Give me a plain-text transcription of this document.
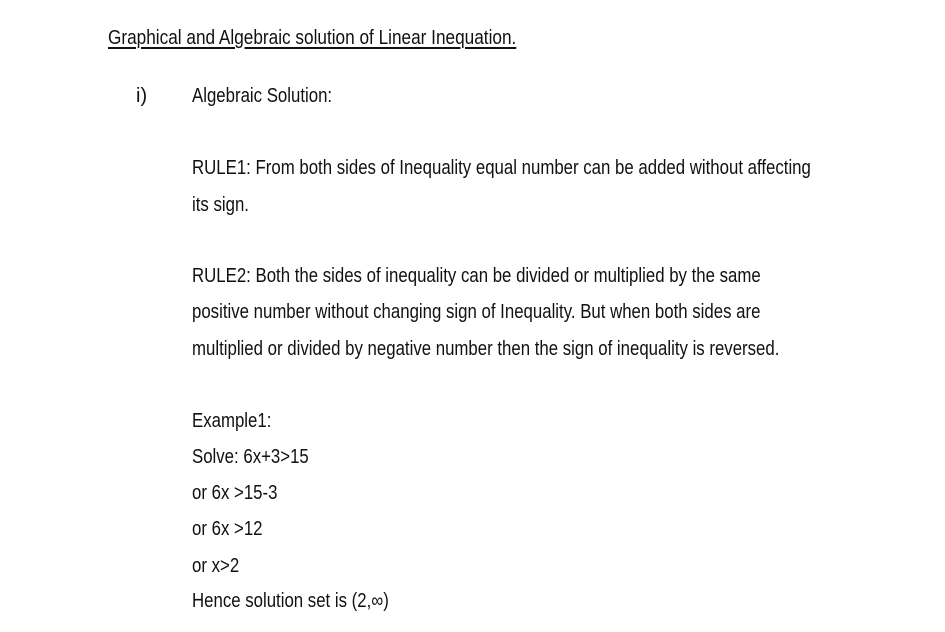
Graphical and Algebraic solution of Linear Inequation.
i) Algebraic Solution:
RULE1: From both sides of Inequality equal number can be added without affecting
its sign.
RULE2: Both the sides of inequality can be divided or multiplied by the same
positive number without changing sign of Inequality. But when both sides are
multiplied or divided by negative number then the sign of inequality is reversed.
Example1:
Solve: 6x+3>15
or 6x >15-3
or 6x >12
or x>2
Hence solution set is (2,∞)
